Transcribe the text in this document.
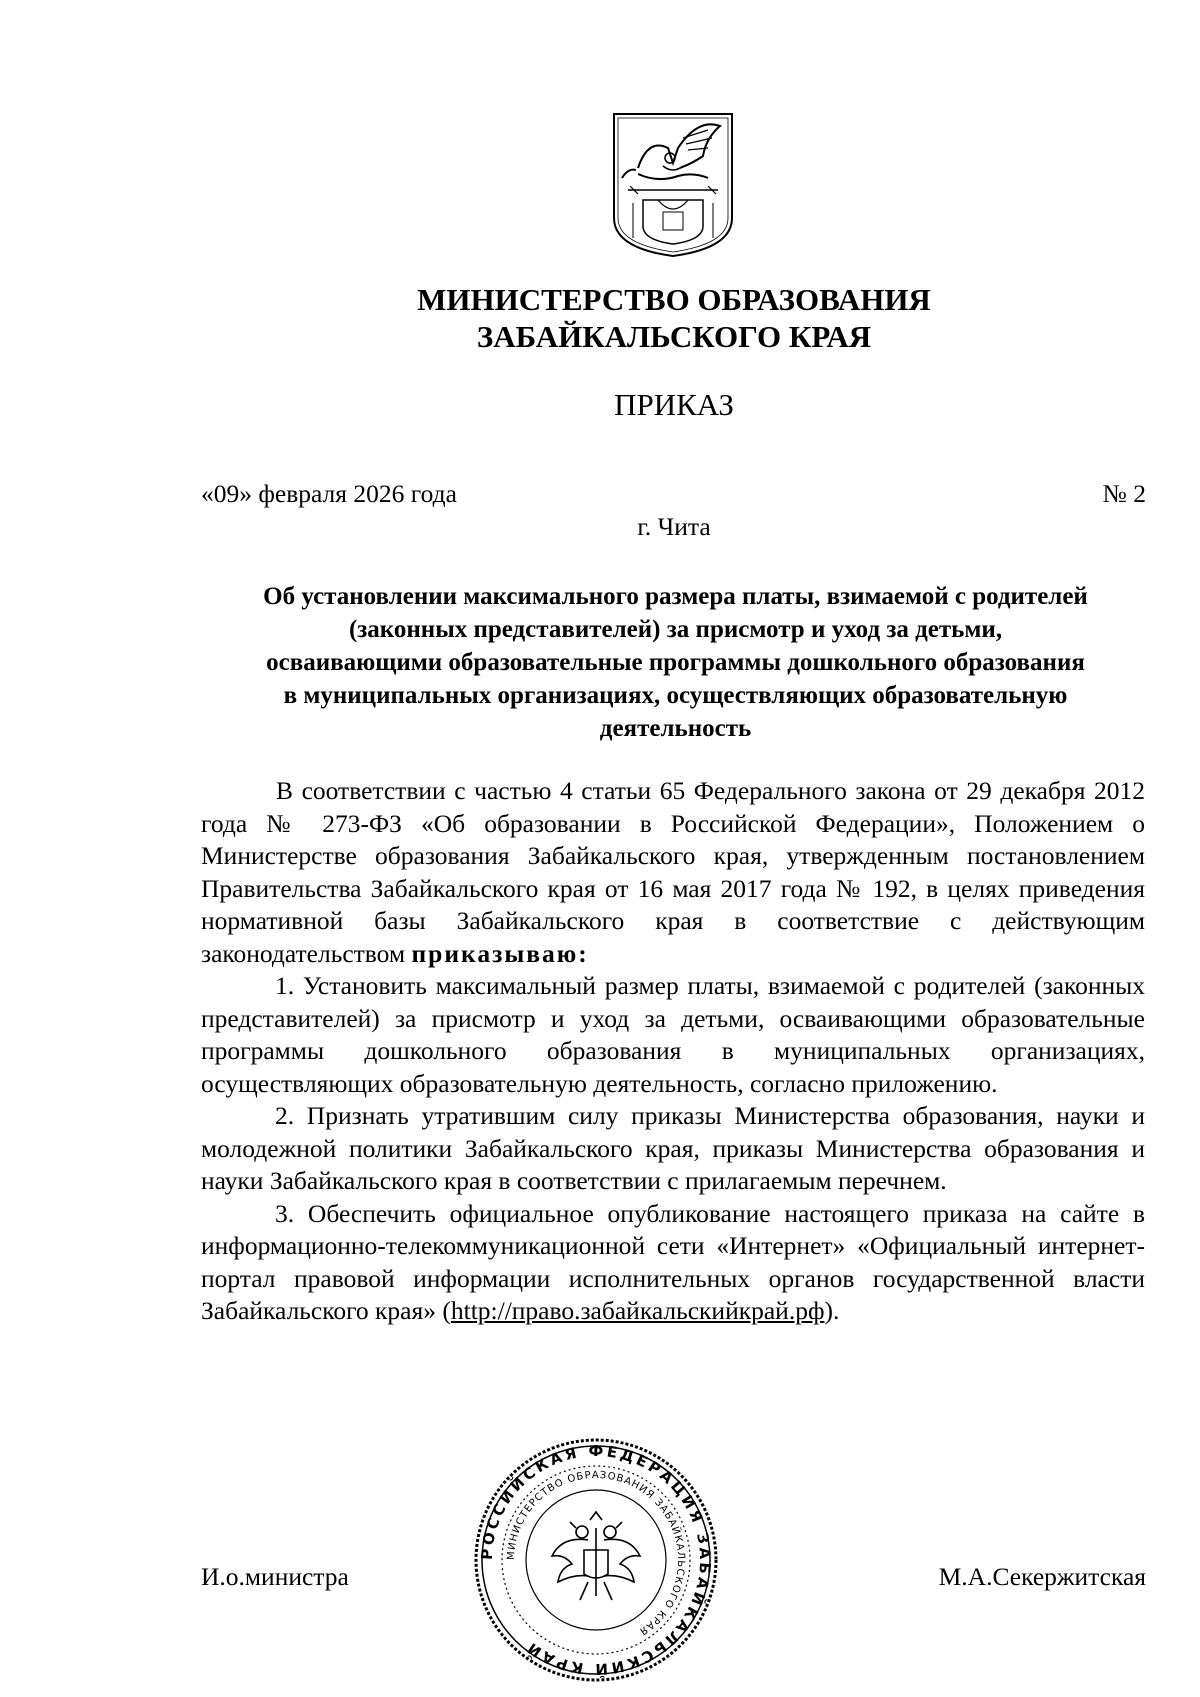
МИНИСТЕРСТВО ОБРАЗОВАНИЯ
ЗАБАЙКАЛЬСКОГО КРАЯ
ПРИКАЗ
«09» февраля 2026 года	№ 2
г. Чита
Об установлении максимального размера платы, взимаемой с родителей
(законных представителей) за присмотр и уход за детьми,
осваивающими образовательные программы дошкольного образования
в муниципальных организациях, осуществляющих образовательную
деятельность

В соответствии с частью 4 статьи 65 Федерального закона от 29 декабря 2012 года № 273-ФЗ «Об образовании в Российской Федерации», Положением о Министерстве образования Забайкальского края, утвержденным постановлением Правительства Забайкальского края от 16 мая 2017 года № 192, в целях приведения нормативной базы Забайкальского края в соответствие с действующим законодательством приказываю:

1. Установить максимальный размер платы, взимаемой с родителей (законных представителей) за присмотр и уход за детьми, осваивающими образовательные программы дошкольного образования в муниципальных организациях, осуществляющих образовательную деятельность, согласно приложению.

2. Признать утратившим силу приказы Министерства образования, науки и молодежной политики Забайкальского края, приказы Министерства образования и науки Забайкальского края в соответствии с прилагаемым перечнем.

3. Обеспечить официальное опубликование настоящего приказа на сайте в информационно-телекоммуникационной сети «Интернет» «Официальный интернет-портал правовой информации исполнительных органов государственной власти Забайкальского края» (http://право.забайкальскийкрай.рф).

И.о.министра	М.А.Секержитская
РОССИЙСКАЯ ФЕДЕРАЦИЯ ЗАБАЙКАЛЬСКИЙ КРАЙ
МИНИСТЕРСТВО ОБРАЗОВАНИЯ ЗАБАЙКАЛЬСКОГО КРАЯ
